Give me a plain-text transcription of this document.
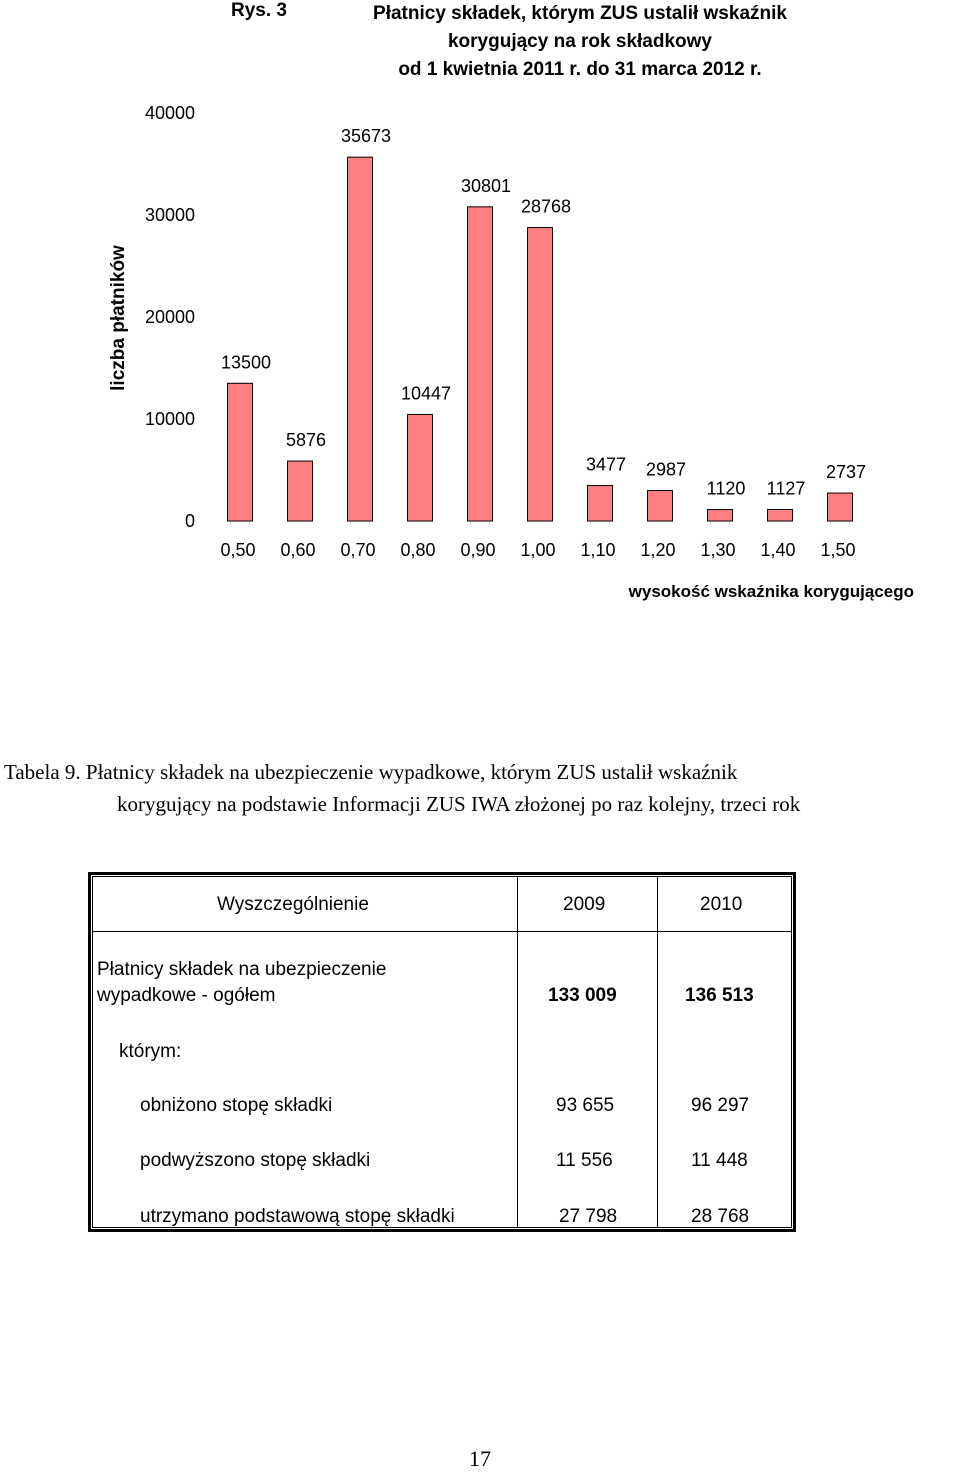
Rys. 3	Płatnicy składek, którym ZUS ustalił wskaźnik
korygujący na rok składkowy
od 1 kwietnia 2011 r. do 31 marca 2012 r.
0
10000
20000
30000
40000
13500
5876
35673
10447
30801
28768
3477 2987
1120 1127
2737
0,50 0,60 0,70 0,80 0,90 1,00 1,10 1,20 1,30 1,40 1,50
liczba płatników
wysokość wskaźnika korygującego
Tabela 9. Płatnicy składek na ubezpieczenie wypadkowe, którym ZUS ustalił wskaźnik
korygujący na podstawie Informacji ZUS IWA złożonej po raz kolejny, trzeci rok
Wyszczególnienie	2009	2010
Płatnicy składek na ubezpieczenie
wypadkowe - ogółem	133 009	136 513
którym:
obniżono stopę składki	93 655	96 297
podwyższono stopę składki	11 556	11 448
utrzymano podstawową stopę składki	27 798	28 768
17
